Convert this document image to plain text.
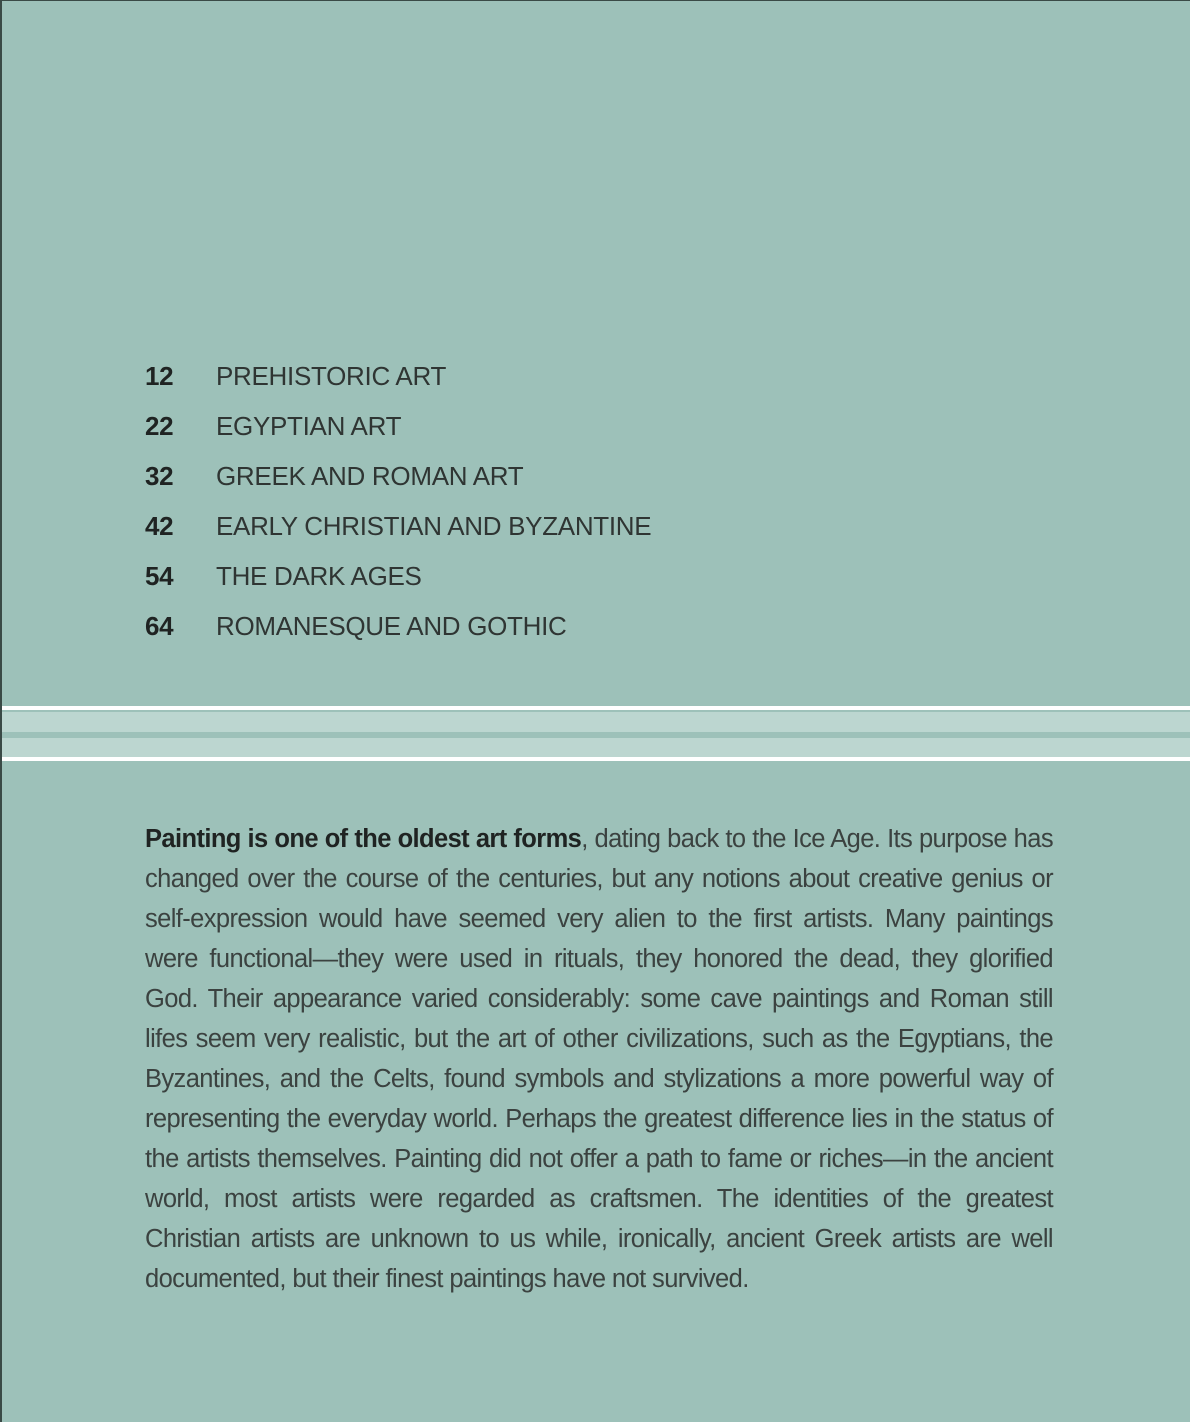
12	PREHISTORIC ART
22	EGYPTIAN ART
32	GREEK AND ROMAN ART
42	EARLY CHRISTIAN AND BYZANTINE
54	THE DARK AGES
64	ROMANESQUE AND GOTHIC

Painting is one of the oldest art forms, dating back to the Ice Age. Its purpose has changed over the course of the centuries, but any notions about creative genius or self-expression would have seemed very alien to the first artists. Many paintings were functional—they were used in rituals, they honored the dead, they glorified God. Their appearance varied considerably: some cave paintings and Roman still lifes seem very realistic, but the art of other civilizations, such as the Egyptians, the Byzantines, and the Celts, found symbols and stylizations a more powerful way of representing the everyday world. Perhaps the greatest difference lies in the status of the artists themselves. Painting did not offer a path to fame or riches—in the ancient world, most artists were regarded as craftsmen. The identities of the greatest Christian artists are unknown to us while, ironically, ancient Greek artists are well documented, but their finest paintings have not survived.
